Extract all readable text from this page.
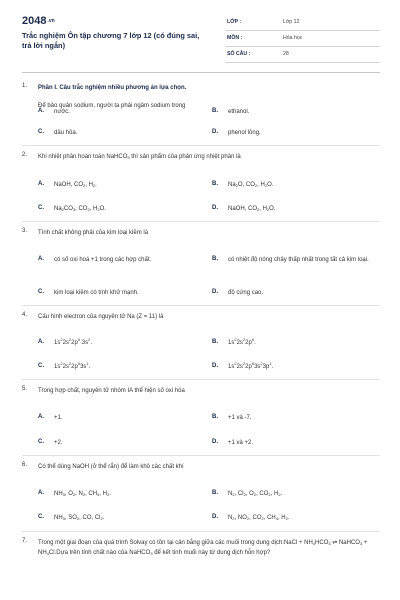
2048.vn
Trắc nghiệm Ôn tập chương 7 lớp 12 (có đúng sai, trả lời ngắn)
LỚP :	Lớp 12
MÔN :	Hóa học
SỐ CÂU :	28
1. Phần I. Câu trắc nghiệm nhiều phương án lựa chọn.
Để bảo quản sodium, người ta phải ngâm sodium trong
A. nước.	B. ethanol.
C. dầu hỏa.	D. phenol lỏng.
2. Khi nhiệt phân hoàn toàn NaHCO$_3$ thì sản phẩm của phản ứng nhiệt phân là
A. NaOH, $CO_2$, $H_2$.	B. $Na_2O$, $CO_2$, $H_2O$.
C. $Na_2CO_3$, $CO_2$, $H_2O$.	D. NaOH, $CO_2$, $H_2O$.
3. Tính chất không phải của kim loại kiềm là
A. có số oxi hoá +1 trong các hợp chất.	B. có nhiệt độ nóng chảy thấp nhất trong tất cả kim loại.
C. kim loại kiềm có tính khử mạnh.	D. độ cứng cao.
4. Cấu hình electron của nguyên tử Na (Z = 11) là
A. $1s^22s^22p^6$ $3s^2$.	B. $1s^22s^22p^6$.
C. $1s^22s^22p^63s^1$.	D. $1s^22s^22p^63s^23p^1$.
5. Trong hợp chất, nguyên tử nhóm IA thể hiện số oxi hóa
A. +1.	B. +1 và -7.
C. +2.	D. +1 và +2.
6. Có thể dùng NaOH (ở thể rắn) để làm khô các chất khí
A. $NH_3$, $O_2$, $N_2$, $CH_4$, $H_2$.	B. $N_2$, $Cl_2$, $O_2$, $CO_2$, $H_2$.
C. $NH_3$, $SO_2$, CO, $Cl_2$.	D. $N_2$, $NO_2$, $CO_2$, $CH_4$, $H_2$.
7. Trong một giai đoạn của quá trình Solvay có tồn tại cân bằng giữa các muối trong dung dịch:NaCl + $NH_4HCO_3$ ⇌ NaHCO$_3$ + $NH_4Cl.Dựa$ trên tính chất nào của NaHCO$_3$ để kết tinh muối này từ dung dịch hỗn hợp?
